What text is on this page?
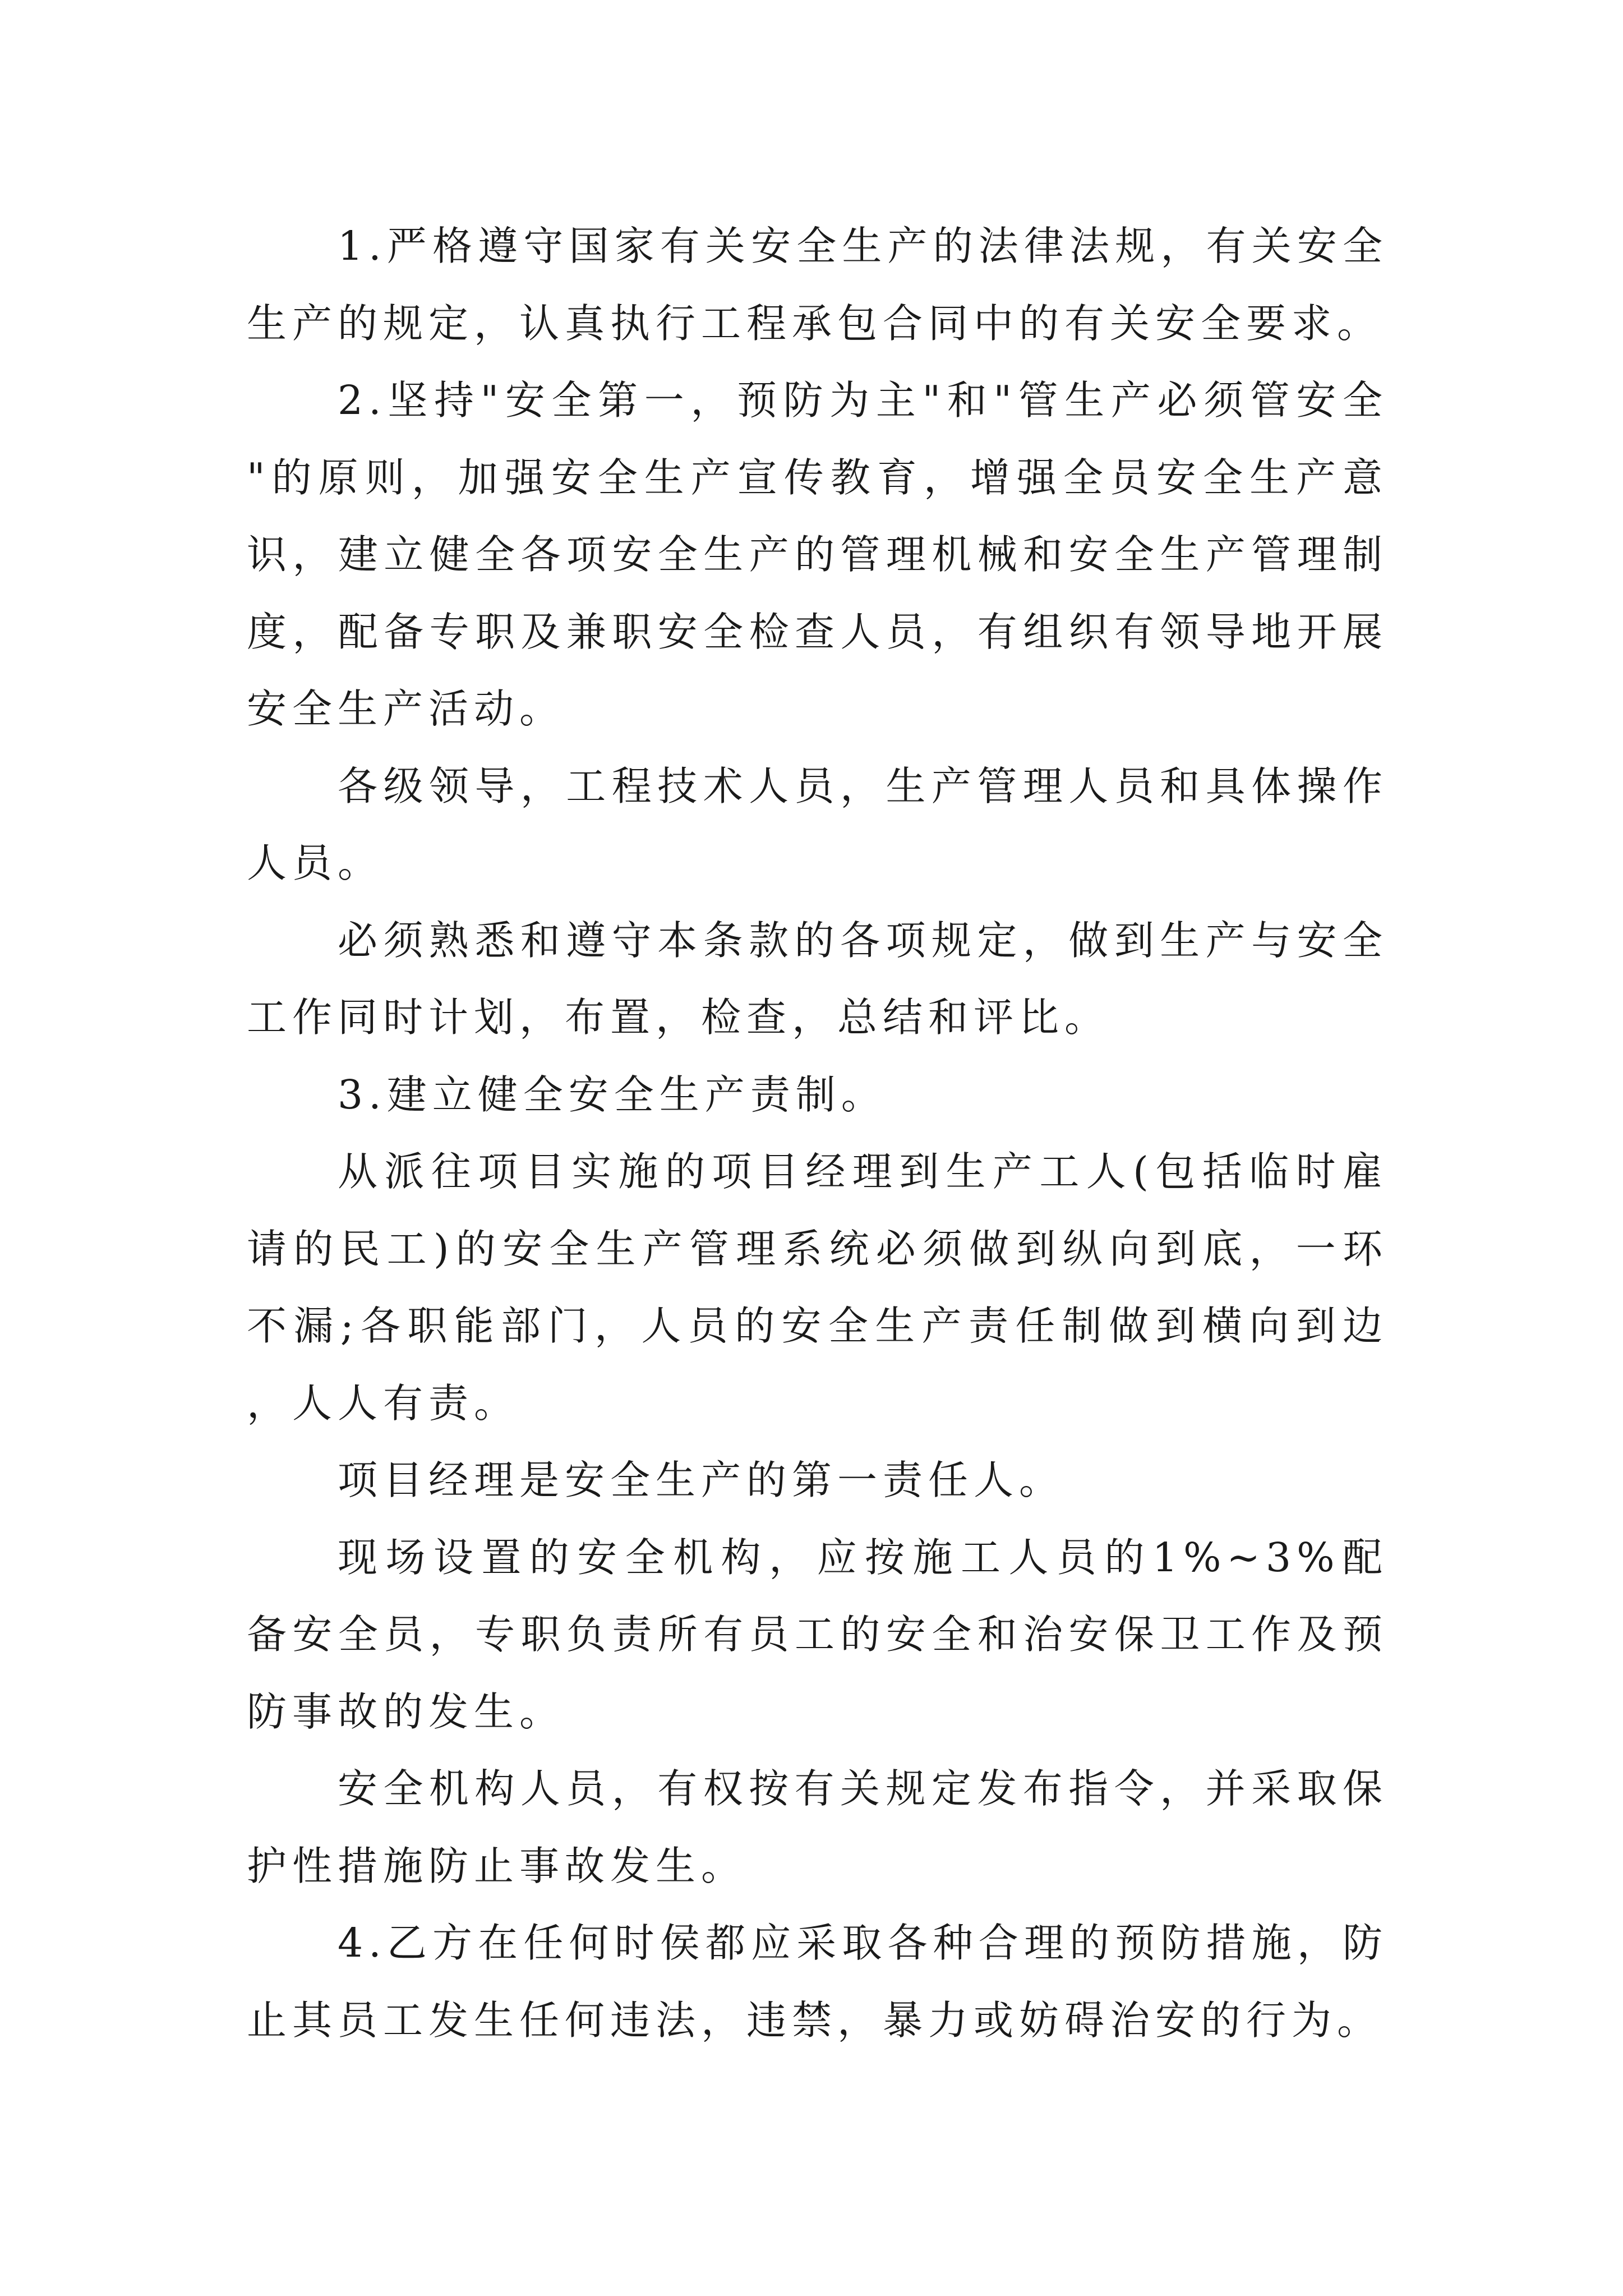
1.严格遵守国家有关安全生产的法律法规，有关安全生产的规定，认真执行工程承包合同中的有关安全要求。

2.坚持"安全第一，预防为主"和"管生产必须管安全"的原则，加强安全生产宣传教育，增强全员安全生产意识，建立健全各项安全生产的管理机械和安全生产管理制度，配备专职及兼职安全检查人员，有组织有领导地开展安全生产活动。

各级领导，工程技术人员，生产管理人员和具体操作人员。

必须熟悉和遵守本条款的各项规定，做到生产与安全工作同时计划，布置，检查，总结和评比。

3.建立健全安全生产责制。

从派往项目实施的项目经理到生产工人(包括临时雇请的民工)的安全生产管理系统必须做到纵向到底，一环不漏;各职能部门，人员的安全生产责任制做到横向到边，人人有责。

项目经理是安全生产的第一责任人。

现场设置的安全机构，应按施工人员的1%~3%配备安全员，专职负责所有员工的安全和治安保卫工作及预防事故的发生。

安全机构人员，有权按有关规定发布指令，并采取保护性措施防止事故发生。

4.乙方在任何时侯都应采取各种合理的预防措施，防止其员工发生任何违法，违禁，暴力或妨碍治安的行为。
